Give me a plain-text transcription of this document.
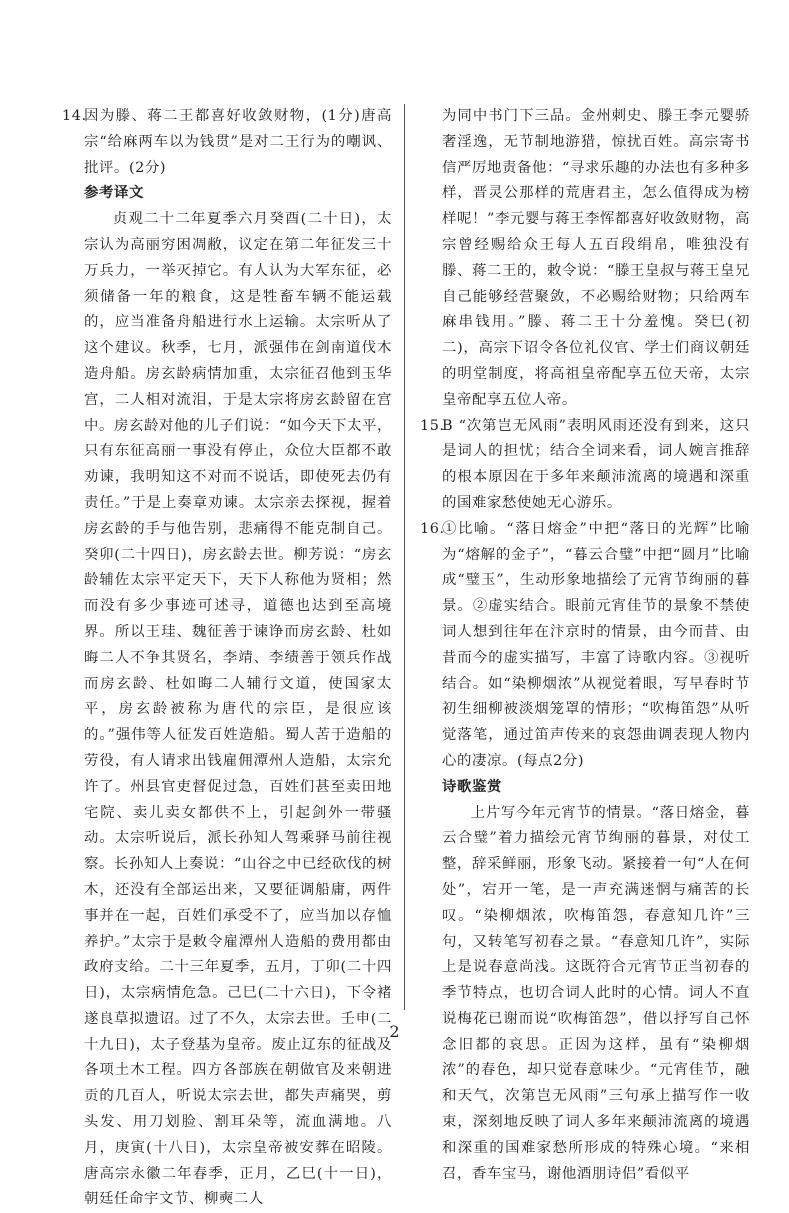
14.
因为滕、蒋二王都喜好收敛财物，(1分)唐高宗“给麻两车以为钱贯”是对二王行为的嘲讽、批评。(2分)
参考译文
贞观二十二年夏季六月癸酉(二十日)，太宗认为高丽穷困凋敝，议定在第二年征发三十万兵力，一举灭掉它。有人认为大军东征，必须储备一年的粮食，这是牲畜车辆不能运载的，应当准备舟船进行水上运输。太宗听从了这个建议。秋季，七月，派强伟在剑南道伐木造舟船。房玄龄病情加重，太宗征召他到玉华宫，二人相对流泪，于是太宗将房玄龄留在宫中。房玄龄对他的儿子们说：“如今天下太平，只有东征高丽一事没有停止，众位大臣都不敢劝谏，我明知这不对而不说话，即使死去仍有责任。”于是上奏章劝谏。太宗亲去探视，握着房玄龄的手与他告别，悲痛得不能克制自己。癸卯(二十四日)，房玄龄去世。柳芳说：“房玄龄辅佐太宗平定天下，天下人称他为贤相；然而没有多少事迹可述寻，道德也达到至高境界。所以王珪、魏征善于谏诤而房玄龄、杜如晦二人不争其贤名，李靖、李绩善于领兵作战而房玄龄、杜如晦二人辅行文道，使国家太平，房玄龄被称为唐代的宗臣，是很应该的。”强伟等人征发百姓造船。蜀人苦于造船的劳役，有人请求出钱雇佣潭州人造船，太宗允许了。州县官吏督促过急，百姓们甚至卖田地宅院、卖儿卖女都供不上，引起剑外一带骚动。太宗听说后，派长孙知人驾乘驿马前往视察。长孙知人上奏说：“山谷之中已经砍伐的树木，还没有全部运出来，又要征调船庸，两件事并在一起，百姓们承受不了，应当加以存恤养护。”太宗于是敕令雇潭州人造船的费用都由政府支给。二十三年夏季，五月，丁卯(二十四日)，太宗病情危急。己巳(二十六日)，下令褚遂良草拟遗诏。过了不久，太宗去世。壬申(二十九日)，太子登基为皇帝。废止辽东的征战及各项土木工程。四方各部族在朝做官及来朝进贡的几百人，听说太宗去世，都失声痛哭，剪头发、用刀划脸、割耳朵等，流血满地。八月，庚寅(十八日)，太宗皇帝被安葬在昭陵。唐高宗永徽二年春季，正月，乙巳(十一日)，朝廷任命宇文节、柳奭二人
为同中书门下三品。金州刺史、滕王李元婴骄奢淫逸，无节制地游猎，惊扰百姓。高宗寄书信严厉地责备他：“寻求乐趣的办法也有多种多样，晋灵公那样的荒唐君主，怎么值得成为榜样呢！”李元婴与蒋王李恽都喜好收敛财物，高宗曾经赐给众王每人五百段绢帛，唯独没有滕、蒋二王的，敕令说：“滕王皇叔与蒋王皇兄自己能够经营聚敛，不必赐给财物；只给两车麻串钱用。”滕、蒋二王十分羞愧。癸巳(初二)，高宗下诏令各位礼仪官、学士们商议朝廷的明堂制度，将高祖皇帝配享五位天帝，太宗皇帝配享五位人帝。
15.
B “次第岂无风雨”表明风雨还没有到来，这只是词人的担忧；结合全词来看，词人婉言推辞的根本原因在于多年来颠沛流离的境遇和深重的国难家愁使她无心游乐。
16.
①比喻。“落日熔金”中把“落日的光辉”比喻为“熔解的金子”，“暮云合璧”中把“圆月”比喻成“璧玉”，生动形象地描绘了元宵节绚丽的暮景。②虚实结合。眼前元宵佳节的景象不禁使词人想到往年在汴京时的情景，由今而昔、由昔而今的虚实描写，丰富了诗歌内容。③视听结合。如“染柳烟浓”从视觉着眼，写早春时节初生细柳被淡烟笼罩的情形；“吹梅笛怨”从听觉落笔，通过笛声传来的哀怨曲调表现人物内心的凄凉。(每点2分)
诗歌鉴赏
上片写今年元宵节的情景。“落日熔金，暮云合璧”着力描绘元宵节绚丽的暮景，对仗工整，辞采鲜丽，形象飞动。紧接着一句“人在何处”，宕开一笔，是一声充满迷惘与痛苦的长叹。“染柳烟浓，吹梅笛怨，春意知几许”三句，又转笔写初春之景。“春意知几许”，实际上是说春意尚浅。这既符合元宵节正当初春的季节特点，也切合词人此时的心情。词人不直说梅花已谢而说“吹梅笛怨”，借以抒写自己怀念旧都的哀思。正因为这样，虽有“染柳烟浓”的春色，却只觉春意味少。“元宵佳节，融和天气，次第岂无风雨”三句承上描写作一收束，深刻地反映了词人多年来颠沛流离的境遇和深重的国难家愁所形成的特殊心境。“来相召，香车宝马，谢他酒朋诗侣”看似平
2
